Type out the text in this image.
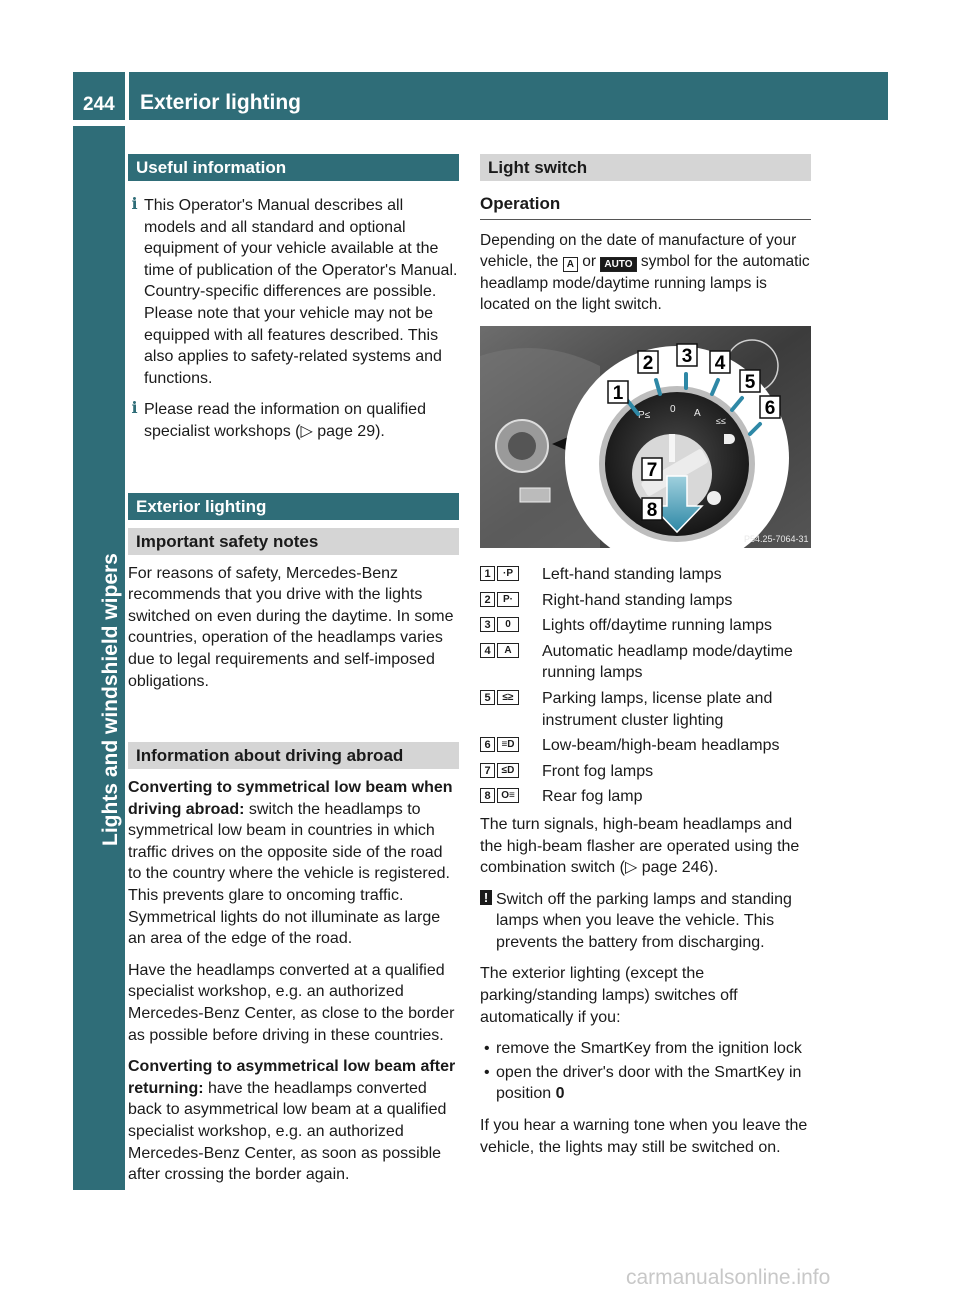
244 Exterior lighting
Lights and windshield wipers
Useful information
i This Operator's Manual describes all models and all standard and optional equipment of your vehicle available at the time of publication of the Operator's Manual. Country-specific differences are possible. Please note that your vehicle may not be equipped with all features described. This also applies to safety-related systems and functions.
i Please read the information on qualified specialist workshops (▷ page 29).
Exterior lighting
Important safety notes

For reasons of safety, Mercedes-Benz recommends that you drive with the lights switched on even during the daytime. In some countries, operation of the headlamps varies due to legal requirements and self-imposed obligations.

Information about driving abroad

Converting to symmetrical low beam when driving abroad: switch the headlamps to symmetrical low beam in countries in which traffic drives on the opposite side of the road to the country where the vehicle is registered. This prevents glare to oncoming traffic. Symmetrical lights do not illuminate as large an area of the edge of the road.

Have the headlamps converted at a qualified specialist workshop, e.g. an authorized Mercedes-Benz Center, as close to the border as possible before driving in these countries.

Converting to asymmetrical low beam after returning: have the headlamps converted back to asymmetrical low beam at a qualified specialist workshop, e.g. an authorized Mercedes-Benz Center, as soon as possible after crossing the border again.

Light switch
Operation

Depending on the date of manufacture of your vehicle, the A or AUTO symbol for the automatic headlamp mode/daytime running lamps is located on the light switch.

P≤
0 A
≤≤
1
2 3 4
5
6
7
8
P54.25-7064-31
1	·P	Left-hand standing lamps
2	P·	Right-hand standing lamps
3	0	Lights off/daytime running lamps
4	A	Automatic headlamp mode/daytime running lamps
5	≤≥	Parking lamps, license plate and instrument cluster lighting
6	≡D Low-beam/high-beam headlamps
7	≤D Front fog lamps
8	O≡ Rear fog lamp

The turn signals, high-beam headlamps and the high-beam flasher are operated using the combination switch (▷ page 246).

! Switch off the parking lamps and standing lamps when you leave the vehicle. This prevents the battery from discharging.

The exterior lighting (except the parking/standing lamps) switches off automatically if you:

• remove the SmartKey from the ignition lock
• open the driver's door with the SmartKey in position 0

If you hear a warning tone when you leave the vehicle, the lights may still be switched on.

carmanualsonline.info
